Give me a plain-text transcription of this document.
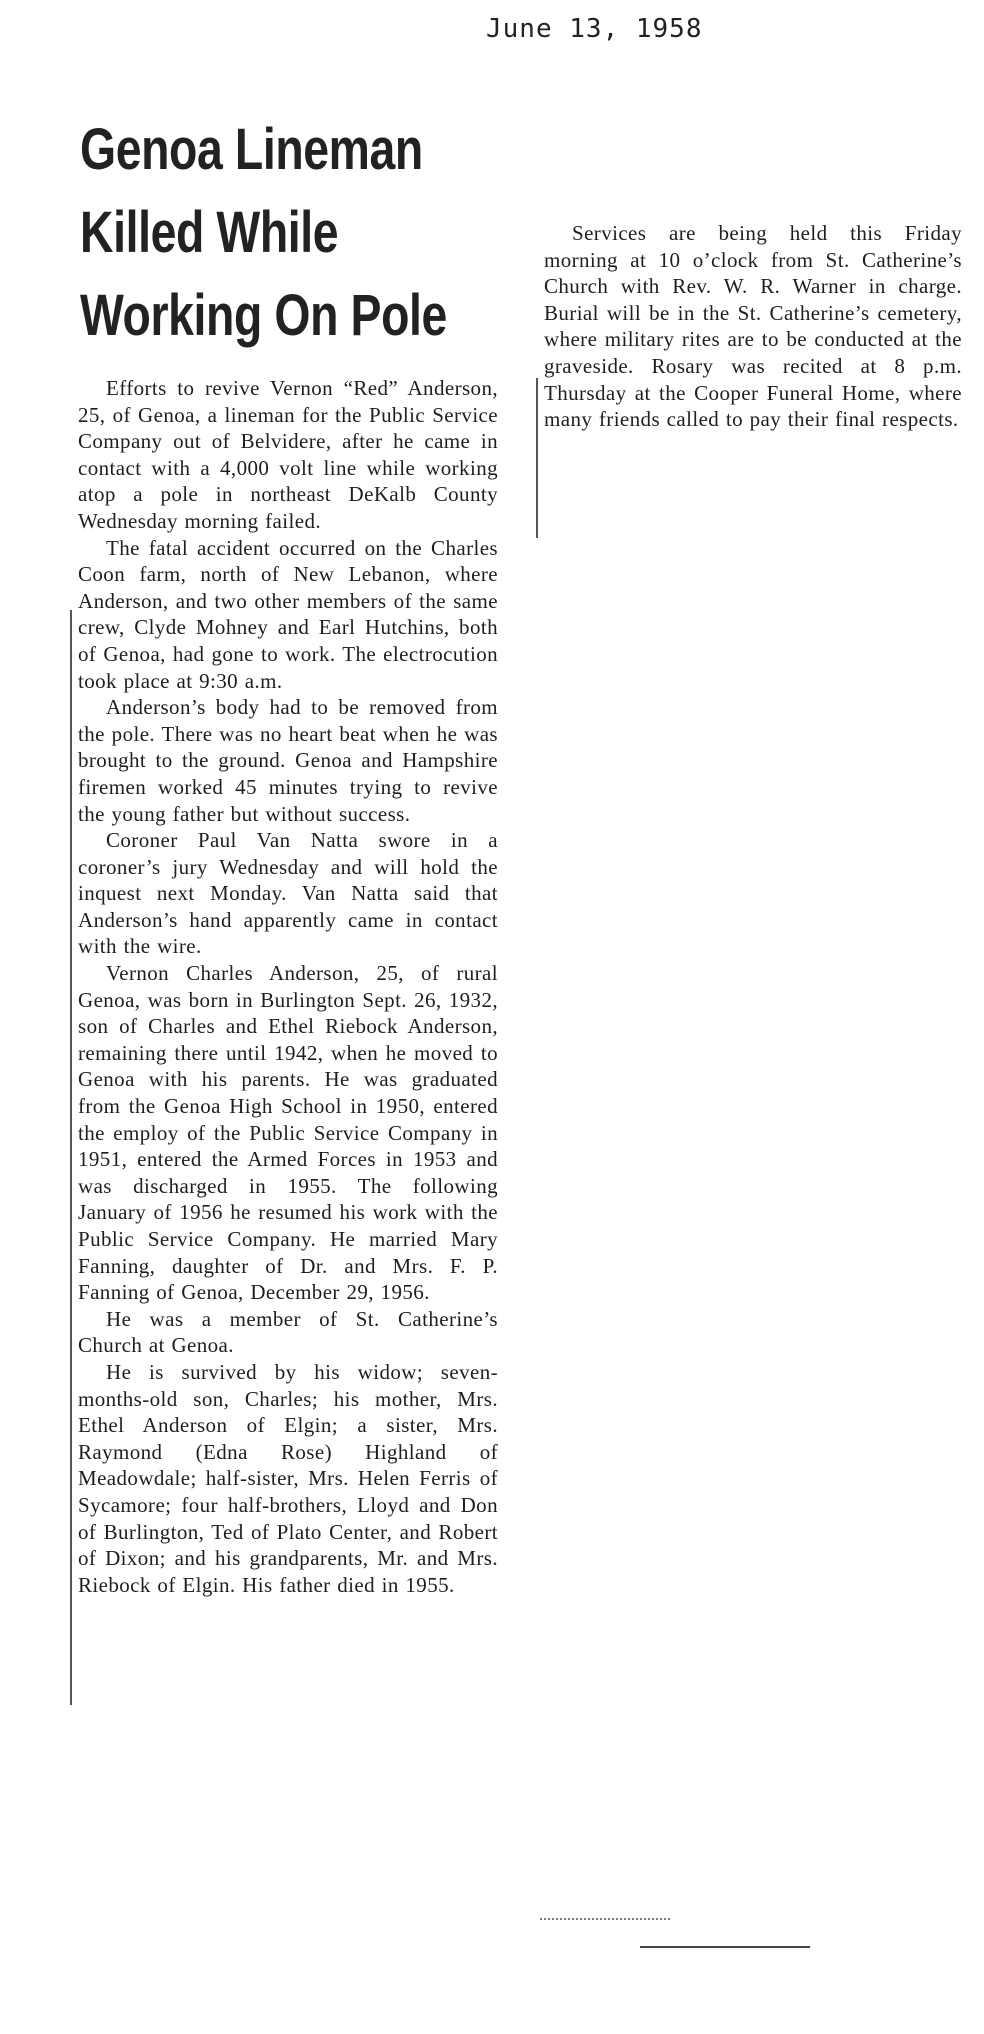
June 13, 1958
Genoa Lineman
Killed While
Working On Pole

Efforts to revive Vernon “Red” Anderson, 25, of Genoa, a lineman for the Public Service Company out of Belvidere, after he came in contact with a 4,000 volt line while working atop a pole in northeast DeKalb County Wednesday morning failed.

The fatal accident occurred on the Charles Coon farm, north of New Lebanon, where Anderson, and two other members of the same crew, Clyde Mohney and Earl Hutchins, both of Genoa, had gone to work. The electrocution took place at 9:30 a.m.

Anderson’s body had to be removed from the pole. There was no heart beat when he was brought to the ground. Genoa and Hampshire firemen worked 45 minutes trying to revive the young father but without success.

Coroner Paul Van Natta swore in a coroner’s jury Wednesday and will hold the inquest next Monday. Van Natta said that Anderson’s hand apparently came in contact with the wire.

Vernon Charles Anderson, 25, of rural Genoa, was born in Burlington Sept. 26, 1932, son of Charles and Ethel Riebock Anderson, remaining there until 1942, when he moved to Genoa with his parents. He was graduated from the Genoa High School in 1950, entered the employ of the Public Service Company in 1951, entered the Armed Forces in 1953 and was discharged in 1955. The following January of 1956 he resumed his work with the Public Service Company. He married Mary Fanning, daughter of Dr. and Mrs. F. P. Fanning of Genoa, December 29, 1956.

He was a member of St. Catherine’s Church at Genoa.

He is survived by his widow; seven-months-old son, Charles; his mother, Mrs. Ethel Anderson of Elgin; a sister, Mrs. Raymond (Edna Rose) Highland of Meadowdale; half-sister, Mrs. Helen Ferris of Sycamore; four half-brothers, Lloyd and Don of Burlington, Ted of Plato Center, and Robert of Dixon; and his grandparents, Mr. and Mrs. Riebock of Elgin. His father died in 1955.

Services are being held this Friday morning at 10 o’clock from St. Catherine’s Church with Rev. W. R. Warner in charge. Burial will be in the St. Catherine’s cemetery, where military rites are to be conducted at the graveside. Rosary was recited at 8 p.m. Thursday at the Cooper Funeral Home, where many friends called to pay their final respects.
